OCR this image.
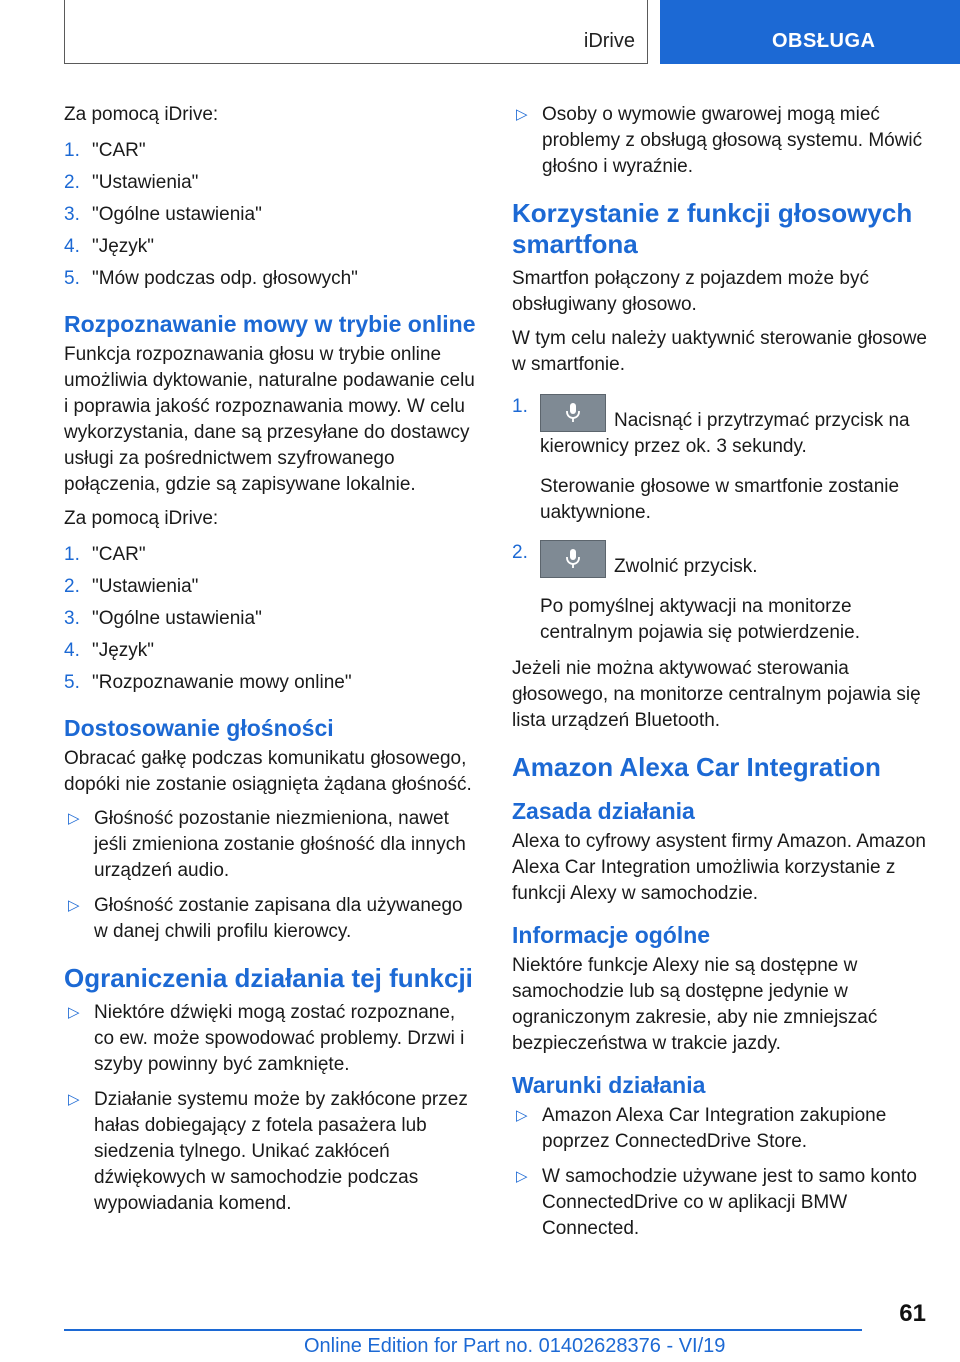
iDrive	OBSŁUGA

Za pomocą iDrive:

1. "CAR"
2. "Ustawienia"
3. "Ogólne ustawienia"
4. "Język"
5. "Mów podczas odp. głosowych"
Rozpoznawanie mowy w trybie online

Funkcja rozpoznawania głosu w trybie online umożliwia dyktowanie, naturalne podawanie celu i poprawia jakość rozpoznawania mowy. W celu wykorzystania, dane są przesyłane do dostawcy usługi za pośrednictwem szyfrowanego połączenia, gdzie są zapisywane lokalnie.

Za pomocą iDrive:

1. "CAR"
2. "Ustawienia"
3. "Ogólne ustawienia"
4. "Język"
5. "Rozpoznawanie mowy online"
Dostosowanie głośności

Obracać gałkę podczas komunikatu głosowego, dopóki nie zostanie osiągnięta żądana głośność.

▷ Głośność pozostanie niezmieniona, nawet jeśli zmieniona zostanie głośność dla innych urządzeń audio.
▷ Głośność zostanie zapisana dla używanego w danej chwili profilu kierowcy.
Ograniczenia działania tej funkcji
▷ Niektóre dźwięki mogą zostać rozpoznane, co ew. może spowodować problemy. Drzwi i szyby powinny być zamknięte.
▷ Działanie systemu może by zakłócone przez hałas dobiegający z fotela pasażera lub siedzenia tylnego. Unikać zakłóceń dźwiękowych w samochodzie podczas wypowiadania komend.
▷ Osoby o wymowie gwarowej mogą mieć problemy z obsługą głosową systemu. Mówić głośno i wyraźnie.
Korzystanie z funkcji głosowych smartfona

Smartfon połączony z pojazdem może być obsługiwany głosowo.

W tym celu należy uaktywnić sterowanie głosowe w smartfonie.

1.
Nacisnąć i przytrzymać przycisk na kierownicy przez ok. 3 sekundy.

Sterowanie głosowe w smartfonie zostanie uaktywnione.

2.
Zwolnić przycisk.

Po pomyślnej aktywacji na monitorze centralnym pojawia się potwierdzenie.

Jeżeli nie można aktywować sterowania głosowego, na monitorze centralnym pojawia się lista urządzeń Bluetooth.

Amazon Alexa Car Integration
Zasada działania

Alexa to cyfrowy asystent firmy Amazon. Amazon Alexa Car Integration umożliwia korzystanie z funkcji Alexy w samochodzie.

Informacje ogólne

Niektóre funkcje Alexy nie są dostępne w samochodzie lub są dostępne jedynie w ograniczonym zakresie, aby nie zmniejszać bezpieczeństwa w trakcie jazdy.

Warunki działania
▷ Amazon Alexa Car Integration zakupione poprzez ConnectedDrive Store.
▷ W samochodzie używane jest to samo konto ConnectedDrive co w aplikacji BMW Connected.
61
Online Edition for Part no. 01402628376 - VI/19
